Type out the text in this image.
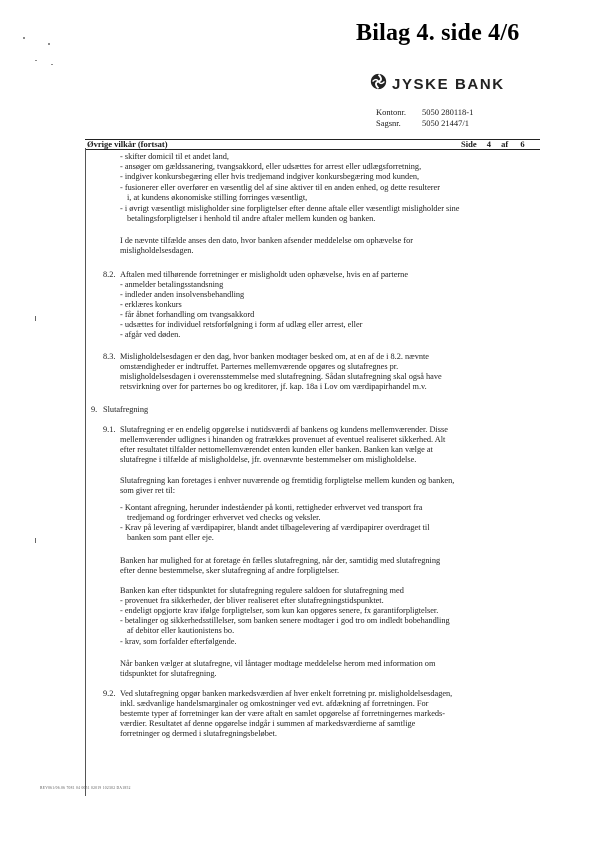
Bilag 4. side 4/6
JYSKE BANK
Kontonr.	5050 280118-1
Sagsnr.	5050 21447/1
Øvrige vilkår (fortsat)	Side 4 af 6
- skifter domicil til et andet land,
- ansøger om gældssanering, tvangsakkord, eller udsættes for arrest eller udlægsforretning,
- indgiver konkursbegæring eller hvis tredjemand indgiver konkursbegæring mod kunden,
- fusionerer eller overfører en væsentlig del af sine aktiver til en anden enhed, og dette resulterer
i, at kundens økonomiske stilling forringes væsentligt,
- i øvrigt væsentligt misligholder sine forpligtelser efter denne aftale eller væsentligt misligholder sine
betalingsforpligtelser i henhold til andre aftaler mellem kunden og banken.
I de nævnte tilfælde anses den dato, hvor banken afsender meddelelse om ophævelse for
misligholdelsesdagen.
8.2. Aftalen med tilhørende forretninger er misligholdt uden ophævelse, hvis en af parterne
- anmelder betalingsstandsning
- indleder anden insolvensbehandling
- erklæres konkurs
- får åbnet forhandling om tvangsakkord
- udsættes for individuel retsforfølgning i form af udlæg eller arrest, eller
- afgår ved døden.
8.3. Misligholdelsesdagen er den dag, hvor banken modtager besked om, at en af de i 8.2. nævnte
omstændigheder er indtruffet. Parternes mellemværende opgøres og slutafregnes pr.
misligholdelsesdagen i overensstemmelse med slutafregning. Sådan slutafregning skal også have
retsvirkning over for parternes bo og kreditorer, jf. kap. 18a i Lov om værdipapirhandel m.v.
9. Slutafregning
9.1. Slutafregning er en endelig opgørelse i nutidsværdi af bankens og kundens mellemværender. Disse
mellemværender udlignes i hinanden og fratrækkes provenuet af eventuel realiseret sikkerhed. Alt
efter resultatet tilfalder nettomellemværendet enten kunden eller banken. Banken kan vælge at
slutafregne i tilfælde af misligholdelse, jfr. ovennævnte bestemmelser om misligholdelse.
Slutafregning kan foretages i enhver nuværende og fremtidig forpligtelse mellem kunden og banken,
som giver ret til:
- Kontant afregning, herunder indeståender på konti, rettigheder erhvervet ved transport fra
tredjemand og fordringer erhvervet ved checks og veksler.
- Krav på levering af værdipapirer, blandt andet tilbagelevering af værdipapirer overdraget til
banken som pant eller eje.
Banken har mulighed for at foretage én fælles slutafregning, når der, samtidig med slutafregning
efter denne bestemmelse, sker slutafregning af andre forpligtelser.
Banken kan efter tidspunktet for slutafregning regulere saldoen for slutafregning med
- provenuet fra sikkerheder, der bliver realiseret efter slutafregningstidspunktet.
- endeligt opgjorte krav ifølge forpligtelser, som kun kan opgøres senere, fx garantiforpligtelser.
- betalinger og sikkerhedsstillelser, som banken senere modtager i god tro om indledt bobehandling
af debitor eller kautionistens bo.
- krav, som forfalder efterfølgende.
Når banken vælger at slutafregne, vil låntager modtage meddelelse herom med information om
tidspunktet for slutafregning.
9.2. Ved slutafregning opgør banken markedsværdien af hver enkelt forretning pr. misligholdelsesdagen,
inkl. sædvanlige handelsmarginaler og omkostninger ved evt. afdækning af forretningen. For
bestemte typer af forretninger kan der være aftalt en samlet opgørelse af forretningernes markeds-
værdier. Resultatet af denne opgørelse indgår i summen af markedsværdierne af samtlige
forretninger og dermed i slutafregningsbeløbet.
BEV061/06.06 7081 04 0051 02019 102302 DA1852
